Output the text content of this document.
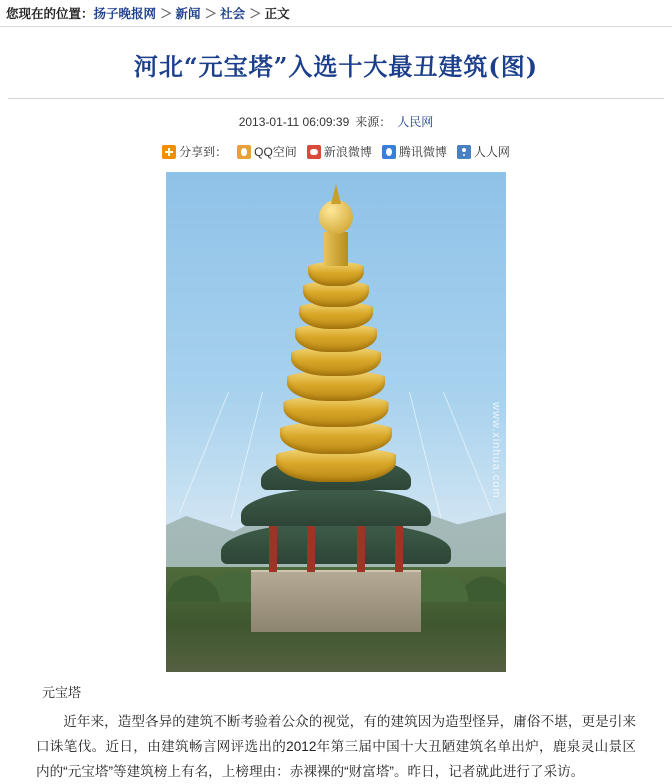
您现在的位置： 扬子晚报网 ＞ 新闻 ＞ 社会 ＞ 正文
河北“元宝塔”入选十大最丑建筑(图)
2013-01-11 06:09:39 来源： 人民网
分享到： QQ空间 新浪微博 腾讯微博 人人网
www.xinhua.com
元宝塔

近年来，造型各异的建筑不断考验着公众的视觉，有的建筑因为造型怪异，庸俗不堪，更是引来口诛笔伐。近日，由建筑畅言网评选出的2012年第三届中国十大丑陋建筑名单出炉，鹿泉灵山景区内的“元宝塔”等建筑榜上有名，上榜理由：赤裸裸的“财富塔”。昨日，记者就此进行了采访。
